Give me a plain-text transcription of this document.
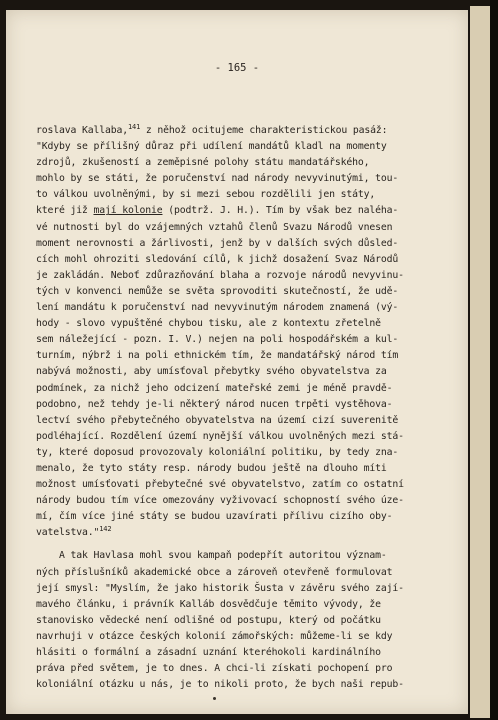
- 165 -
roslava Kallaba,$^{141}$ z něhož ocitujeme charakteristickou pasáž:
"Kdyby se přílišný důraz při udílení mandátů kladl na momenty
zdrojů, zkušeností a zeměpisné polohy státu mandatářského,
mohlo by se státi, že poručenství nad národy nevyvinutými, tou-
to válkou uvolněnými, by si mezi sebou rozdělili jen státy,
které již mají kolonie (podtrž. J. H.). Tím by však bez naléha-
vé nutnosti byl do vzájemných vztahů členů Svazu Národů vnesen
moment nerovnosti a žárlivosti, jenž by v dalších svých důsled-
cích mohl ohroziti sledování cílů, k jichž dosažení Svaz Národů
je zakládán. Neboť zdůrazňování blaha a rozvoje národů nevyvinu-
tých v konvenci nemůže se světa sprovoditi skutečností, že udě-
lení mandátu k poručenství nad nevyvinutým národem znamená (vý-
hody - slovo vypuštěné chybou tisku, ale z kontextu zřetelně
sem náležející - pozn. I. V.) nejen na poli hospodářském a kul-
turním, nýbrž i na poli ethnickém tím, že mandatářský národ tím
nabývá možnosti, aby umísťoval přebytky svého obyvatelstva za
podmínek, za nichž jeho odcizení mateřské zemi je méně pravdě-
podobno, než tehdy je-li některý národ nucen trpěti vystěhova-
lectví svého přebytečného obyvatelstva na území cizí suverenitě
podléhající. Rozdělení území nynější válkou uvolněných mezi stá-
ty, které doposud provozovaly koloniální politiku, by tedy zna-
menalo, že tyto státy resp. národy budou ještě na dlouho míti
možnost umísťovati přebytečné své obyvatelstvo, zatím co ostatní
národy budou tím více omezovány vyživovací schopností svého úze-
mí, čím více jiné státy se budou uzavírati přílivu cizího oby-
vatelstva."$^{142}$
A tak Havlasa mohl svou kampaň podepřít autoritou význam-
ných příslušníků akademické obce a zároveň otevřeně formulovat
její smysl: "Myslím, že jako historik Šusta v závěru svého zají-
mavého článku, i právník Kalláb dosvědčuje těmito vývody, že
stanovisko vědecké není odlišné od postupu, který od počátku
navrhuji v otázce českých kolonií zámořských: můžeme-li se kdy
hlásiti o formální a zásadní uznání kteréhokoli kardinálního
práva před světem, je to dnes. A chci-li získati pochopení pro
koloniální otázku u nás, je to nikoli proto, že bych naši repub-
